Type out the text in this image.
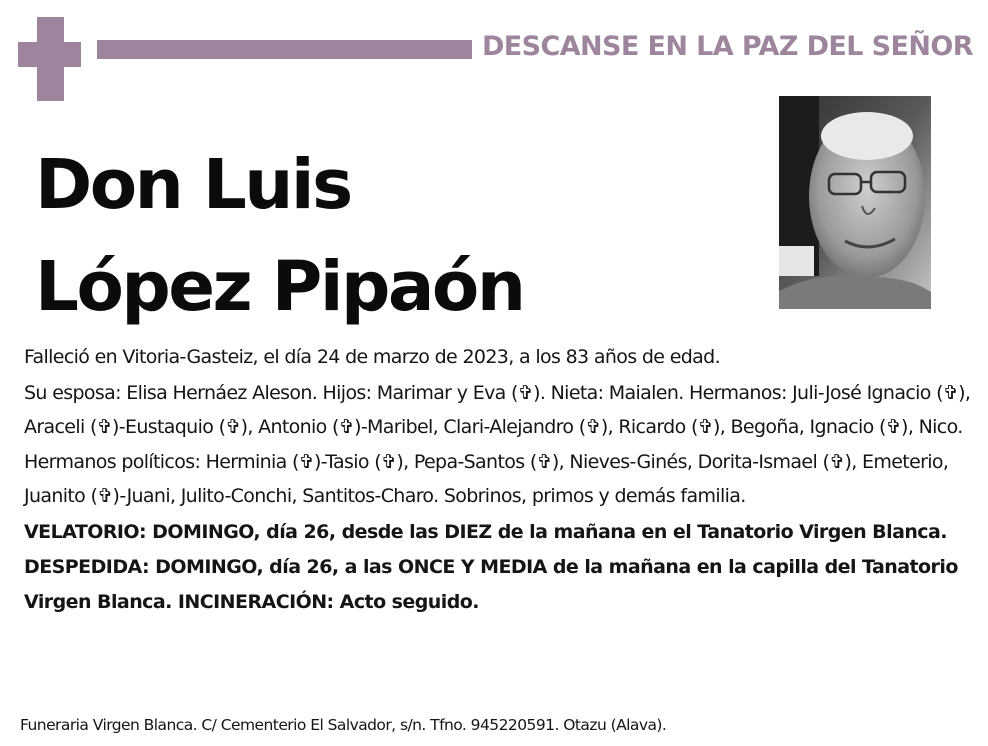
DESCANSE EN LA PAZ DEL SEÑOR
Don Luis
López Pipaón

Falleció en Vitoria-Gasteiz, el día 24 de marzo de 2023, a los 83 años de edad.

Su esposa: Elisa Hernáez Aleson. Hijos: Marimar y Eva (✞). Nieta: Maialen. Hermanos: Juli-José Ignacio (✞), Araceli (✞)-Eustaquio (✞), Antonio (✞)-Maribel, Clari-Alejandro (✞), Ricardo (✞), Begoña, Ignacio (✞), Nico. Hermanos políticos: Herminia (✞)-Tasio (✞), Pepa-Santos (✞), Nieves-Ginés, Dorita-Ismael (✞), Emeterio, Juanito (✞)-Juani, Julito-Conchi, Santitos-Charo. Sobrinos, primos y demás familia.

VELATORIO: DOMINGO, día 26, desde las DIEZ de la mañana en el Tanatorio Virgen Blanca.

DESPEDIDA: DOMINGO, día 26, a las ONCE Y MEDIA de la mañana en la capilla del Tanatorio Virgen Blanca. INCINERACIÓN: Acto seguido.

Funeraria Virgen Blanca. C/ Cementerio El Salvador, s/n. Tfno. 945220591. Otazu (Alava).
